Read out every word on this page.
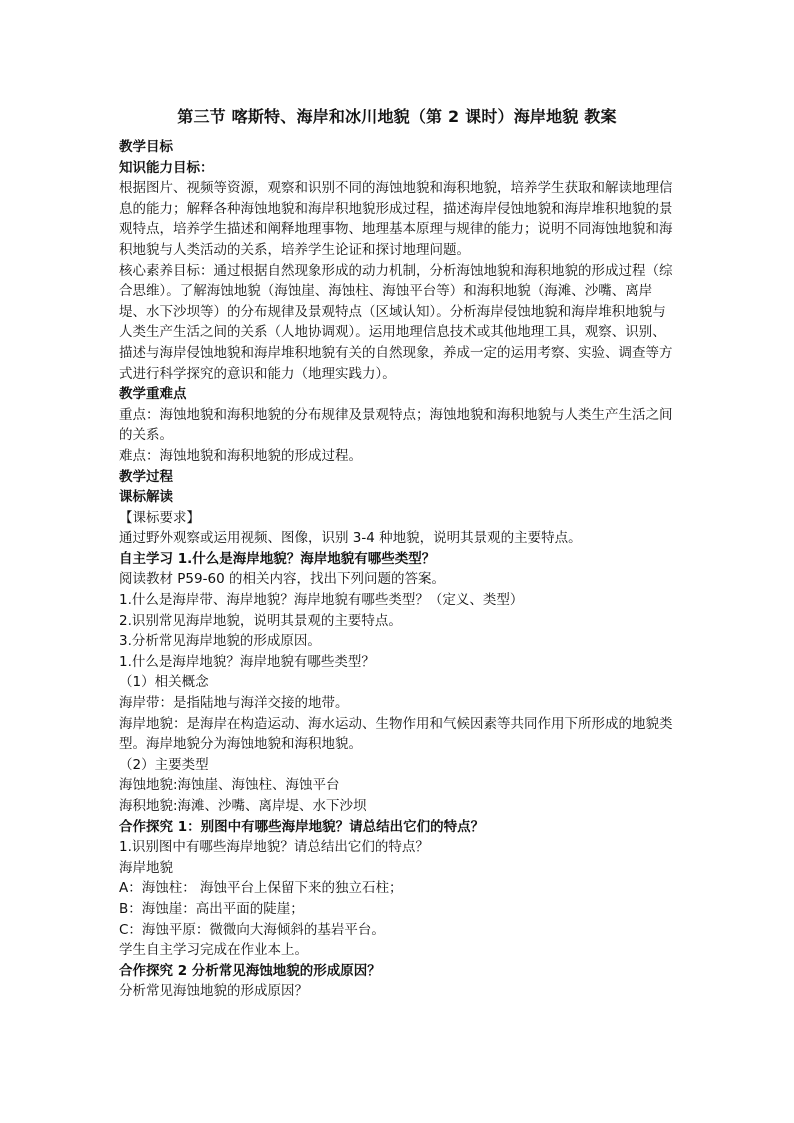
第三节 喀斯特、海岸和冰川地貌（第 2 课时）海岸地貌 教案

教学目标

知识能力目标：

根据图片、视频等资源，观察和识别不同的海蚀地貌和海积地貌，培养学生获取和解读地理信息的能力；解释各种海蚀地貌和海岸积地貌形成过程，描述海岸侵蚀地貌和海岸堆积地貌的景观特点，培养学生描述和阐释地理事物、地理基本原理与规律的能力；说明不同海蚀地貌和海积地貌与人类活动的关系，培养学生论证和探讨地理问题。

核心素养目标：通过根据自然现象形成的动力机制，分析海蚀地貌和海积地貌的形成过程（综合思维）。了解海蚀地貌（海蚀崖、海蚀柱、海蚀平台等）和海积地貌（海滩、沙嘴、离岸堤、水下沙坝等）的分布规律及景观特点（区域认知）。分析海岸侵蚀地貌和海岸堆积地貌与人类生产生活之间的关系（人地协调观）。运用地理信息技术或其他地理工具，观察、识别、描述与海岸侵蚀地貌和海岸堆积地貌有关的自然现象，养成一定的运用考察、实验、调查等方式进行科学探究的意识和能力（地理实践力）。

教学重难点

重点：海蚀地貌和海积地貌的分布规律及景观特点；海蚀地貌和海积地貌与人类生产生活之间的关系。

难点：海蚀地貌和海积地貌的形成过程。

教学过程

课标解读

【课标要求】

通过野外观察或运用视频、图像，识别 3-4 种地貌，说明其景观的主要特点。

自主学习 1.什么是海岸地貌？海岸地貌有哪些类型？

阅读教材 P59-60 的相关内容，找出下列问题的答案。

1.什么是海岸带、海岸地貌？海岸地貌有哪些类型？（定义、类型）

2.识别常见海岸地貌，说明其景观的主要特点。

3.分析常见海岸地貌的形成原因。

1.什么是海岸地貌？海岸地貌有哪些类型？

（1）相关概念

海岸带：是指陆地与海洋交接的地带。

海岸地貌：是海岸在构造运动、海水运动、生物作用和气候因素等共同作用下所形成的地貌类型。海岸地貌分为海蚀地貌和海积地貌。

（2）主要类型

海蚀地貌:海蚀崖、海蚀柱、海蚀平台

海积地貌:海滩、沙嘴、离岸堤、水下沙坝

合作探究 1：别图中有哪些海岸地貌？请总结出它们的特点？

1.识别图中有哪些海岸地貌？请总结出它们的特点？

海岸地貌

A：海蚀柱： 海蚀平台上保留下来的独立石柱；

B：海蚀崖：高出平面的陡崖；

C：海蚀平原：微微向大海倾斜的基岩平台。

学生自主学习完成在作业本上。

合作探究 2 分析常见海蚀地貌的形成原因？

分析常见海蚀地貌的形成原因？
